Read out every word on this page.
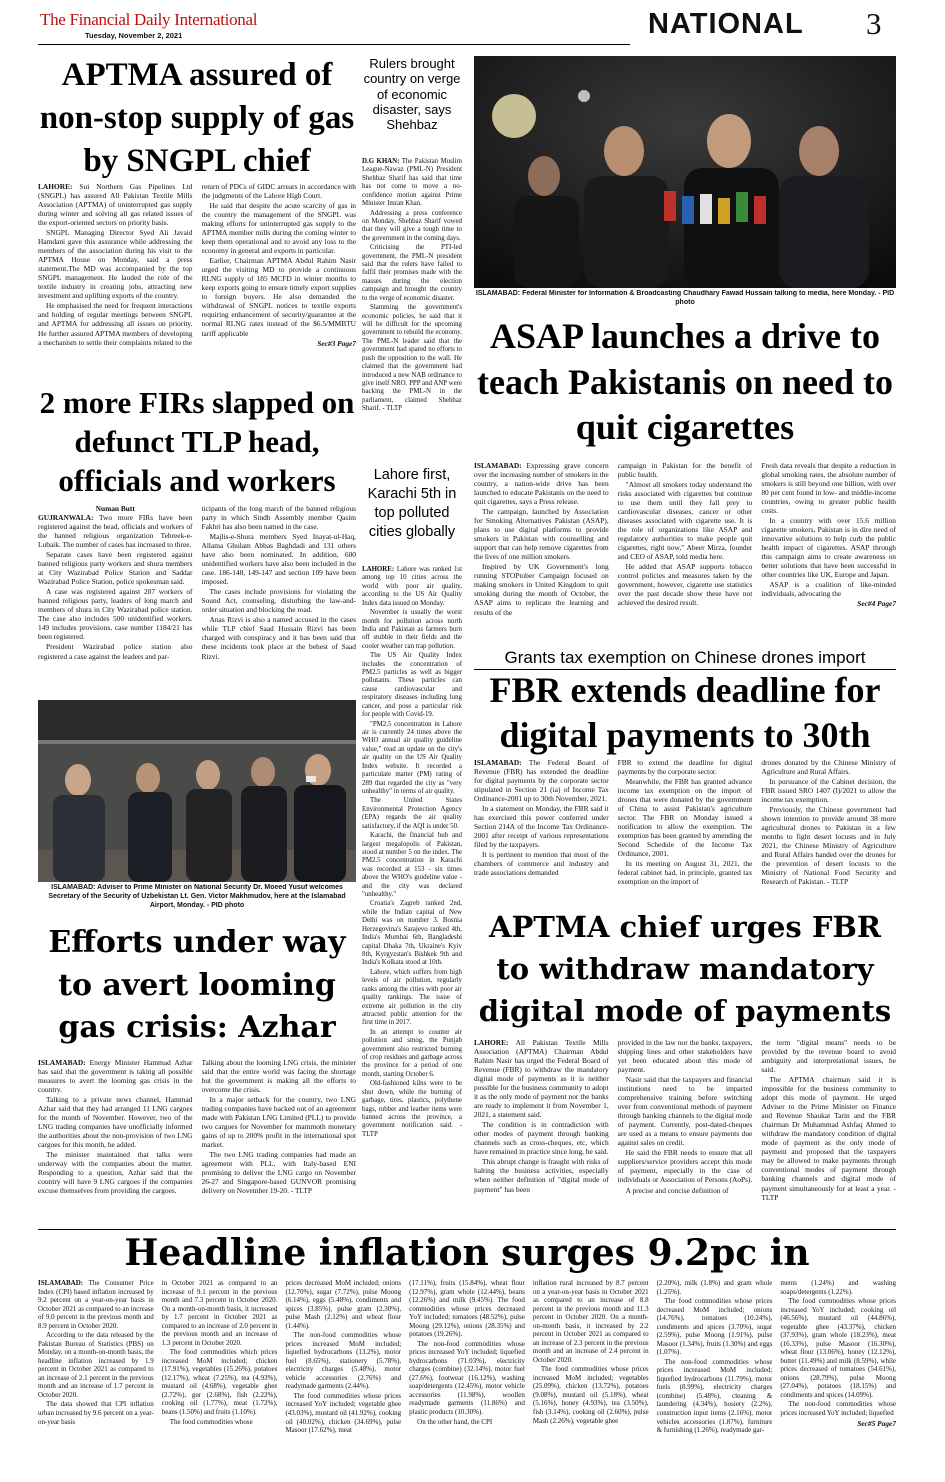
The Financial Daily International
Tuesday, November 2, 2021	NATIONAL 3
APTMA assured of non-stop supply of gas by SNGPL chief

LAHORE: Sui Northern Gas Pipelines Ltd (SNGPL) has assured All Pakistan Textile Mills Association (APTMA) of uninterrupted gas supply during winter and solving all gas related issues of the export-oriented sectors on priority basis.

SNGPL Managing Director Syed Ali Javaid Hamdani gave this assurance while addressing the members of the association during his visit to the APTMA House on Monday, said a press statement.The MD was accompanied by the top SNGPL management. He lauded the role of the textile industry in creating jobs, attracting new investment and uplifting exports of the country.

He emphasised the need for frequent interactions and holding of regular meetings between SNGPL and APTMA for addressing all issues on priority. He further assured APTMA members of developing a mechanism to settle their complaints related to the

return of PDCs of GIDC arrears in accordance with the judgments of the Lahore High Court.

He said that despite the acute scarcity of gas in the country the management of the SNGPL was making efforts for uninterrupted gas supply to the APTMA member mills during the coming winter to keep them operational and to avoid any loss to the economy in general and exports in particular.

Earlier, Chairman APTMA Abdul Rahim Nasir urged the visiting MD to provide a continuous RLNG supply of 185 MCFD in winter months to keep exports going to ensure timely export supplies to foreign buyers. He also demanded the withdrawal of SNGPL notices to textile exports requiring enhancement of security/guarantee at the normal RLNG rates instead of the $6.5/MMBTU tariff applicable

Sec#3 Page7
Rulers brought country on verge of economic disaster, says Shehbaz

D.G KHAN: The Pakistan Muslim League-Nawaz (PML-N) President Shehbaz Sharif has said that time has not come to move a no-confidence motion against Prime Minister Imran Khan.

Addressing a press conference on Monday, Shehbaz Sharif vowed that they will give a tough time to the government in the coming days.

Criticising the PTI-led government, the PML-N president said that the rulers have failed to fulfil their promises made with the masses during the election campaign and brought the country to the verge of economic disaster.

Slamming the government's economic policies, he said that it will be difficult for the upcoming government to rebuild the economy. The PML-N leader said that the government had spared no efforts to push the opposition to the wall. He claimed that the government had introduced a new NAB ordinance to give itself NRO. PPP and ANP were backing the PML-N in the parliament, claimed Shehbaz Sharif. - TLTP

ISLAMABAD: Federal Minister for Information & Broadcasting Chaudhary Fawad Hussain talking to media, here Monday. - PID photo
2 more FIRs slapped on defunct TLP head, officials and workers
Numan Butt

GUJRANWALA: Two more FIRs have been registered against the head, officials and workers of the banned religious organization Tehreek-e-Lubaik. The number of cases has increased to three.

Separate cases have been registered against banned religious party workers and shura members at City Wazirabad Police Station and Saddar Wazirabad Police Station, police spokesman said.

A case was registered against 207 workers of banned religious party, leaders of long march and members of shura in City Wazirabad police station. The case also includes 500 unidentified workers. 149 includes provisions, case number 1184/21 has been registered.

President Wazirabad police station also registered a case against the leaders and par-

ticipants of the long march of the banned religious party in which Sindh Assembly member Qasim Fakhri has also been named in the case.

Majlis-e-Shura members Syed Inayat-ul-Haq, Allama Ghulam Abbas Baghdadi and 131 others have also been nominated. In addition, 600 unidentified workers have also been included in the case. 186-148, 149-147 and section 109 have been imposed.

The cases include provisions for violating the Sound Act, counseling, disturbing the law-and-order situation and blocking the road.

Anas Rizvi is also a named accused in the cases while TLP chief Saad Hussain Rizvi has been charged with conspiracy and it has been said that these incidents took place at the behest of Saad Rizvi.

Lahore first, Karachi 5th in top polluted cities globally

LAHORE: Lahore was ranked 1st among top 10 cities across the world with poor air quality, according to the US Air Quality Index data issued on Monday.

November is usually the worst month for pollution across north India and Pakistan as farmers burn off stubble in their fields and the cooler weather can trap pollution.

The US Air Quality Index includes the concentration of PM2.5 particles as well as bigger pollutants. These particles can cause cardiovascular and respiratory diseases including lung cancer, and pose a particular risk for people with Covid-19.

"PM2.5 concentration in Lahore air is currently 24 times above the WHO annual air quality guideline value," read an update on the city's air quality on the US Air Quality Index website. It recorded a particulate matter (PM) rating of 289 that regarded the city as "very unhealthy" in terms of air quality.

The United States Environmental Protection Agency (EPA) regards the air quality satisfactory, if the AQI is under 50.

Karachi, the financial hub and largest megalopolis of Pakistan, stood at number 5 on the index. The PM2.5 concentration in Karachi was recorded at 153 - six times above the WHO's guideline value - and the city was declared "unhealthy."

Croatia's Zagreb ranked 2nd, while the Indian capital of New Delhi was on number 3. Bosnia Herzegovina's Sarajevo ranked 4th, India's Mumbai 6th, Bangladeshi capital Dhaka 7th, Ukraine's Kyiv 8th, Kyrgyzstan's Bishkek 9th and India's Kolkata stood at 10th.

Lahore, which suffers from high levels of air pollution, regularly ranks among the cities with poor air quality rankings. The issue of extreme air pollution in the city attracted public attention for the first time in 2017.

In an attempt to counter air pollution and smog, the Punjab government also restricted burning of crop residues and garbage across the province for a period of one month, starting October 6.

Old-fashioned kilns were to be shut down, while the burning of garbage, tires, plastics, polythene bags, rubber and leather items were banned across the province, a government notification said. - TLTP

ASAP launches a drive to teach Pakistanis on need to quit cigarettes

ISLAMABAD: Expressing grave concern over the increasing number of smokers in the country, a nation-wide drive has been launched to educate Pakistanis on the need to quit cigarettes, says a Press release.

The campaign, launched by Association for Smoking Alternatives Pakistan (ASAP), plans to use digital platforms to provide smokers in Pakistan with counselling and support that can help remove cigarettes from the lives of one million smokers.

Inspired by UK Government's long running STOPtober Campaign focused on making smokers in United Kingdom to quit smoking during the month of October, the ASAP aims to replicate the learning and results of the

campaign in Pakistan for the benefit of public health.

"Almost all smokers today understand the risks associated with cigarettes but continue to use them until they fall prey to cardiovascular diseases, cancer or other diseases associated with cigarette use. It is the role of organizations like ASAP and regulatory authorities to make people quit cigarettes, right now," Abeer Mirza, founder and CEO of ASAP, told media here.

He added that ASAP supports tobacco control policies and measures taken by the government, however, cigarette use statistics over the past decade show these have not achieved the desired result.

Fresh data reveals that despite a reduction in global smoking rates, the absolute number of smokers is still beyond one billion, with over 80 per cent found in low- and middle-income countries, owing to greater public health costs.

In a country with over 15.6 million cigarette smokers, Pakistan is in dire need of innovative solutions to help curb the public health impact of cigarettes. ASAP through this campaign aims to create awareness on better solutions that have been successful in other countries like UK, Europe and Japan.

ASAP is a coalition of like-minded individuals, advocating the

Sec#4 Page7
ISLAMABAD: Adviser to Prime Minister on National Security Dr. Moeed Yusuf welcomes Secretary of the Security of Uzbekistan Lt. Gen. Victor Makhmudov, here at the Islamabad Airport, Monday. - PID photo
Grants tax exemption on Chinese drones import
FBR extends deadline for digital payments to 30th

ISLAMABAD: The Federal Board of Revenue (FBR) has extended the deadline for digital payments by the corporate sector stipulated in Section 21 (ia) of Income Tax Ordinance-2001 up to 30th November, 2021.

In a statement on Monday, the FBR said it has exercised this power conferred under Section 214A of the Income Tax Ordinance-2001 after receipt of various representations filed by the taxpayers.

It is pertinent to mention that most of the chambers of commerce and industry and trade associations demanded

FBR to extend the deadline for digital payments by the corporate sector.

Meanwhile, the FBR has granted advance income tax exemption on the import of drones that were donated by the government of China to assist Pakistan's agriculture sector. The FBR on Monday issued a notification to allow the exemption. The exemption has been granted by amending the Second Schedule of the Income Tax Ordinance, 2001.

In its meeting on August 31, 2021, the federal cabinet had, in principle, granted tax exemption on the import of

drones donated by the Chinese Ministry of Agriculture and Rural Affairs.

In pursuance of the Cabinet decision, the FBR issued SRO 1407 (I)/2021 to allow the income tax exemption.

Previously, the Chinese government had shown intention to provide around 38 more agricultural drones to Pakistan in a few months to fight desert locusts and in July 2021, the Chinese Ministry of Agriculture and Rural Affairs handed over the drones for the prevention of desert locusts to the Ministry of National Food Security and Research of Pakistan. - TLTP

Efforts under way to avert looming gas crisis: Azhar

ISLAMABAD: Energy Minister Hammad Azhar has said that the government is taking all possible measures to avert the looming gas crisis in the country.

Talking to a private news channel, Hammad Azhar said that they had arranged 11 LNG cargoes for the month of November. However, two of the LNG trading companies have unofficially informed the authorities about the non-provision of two LNG cargoes for this month, he added.

The minister maintained that talks were underway with the companies about the matter. Responding to a question, Azhar said that the country will have 9 LNG cargoes if the companies excuse themselves from providing the cargoes.

Talking about the looming LNG crisis, the minister said that the entire world was facing the shortage but the government is making all the efforts to overcome the crisis.

In a major setback for the country, two LNG trading companies have backed out of an agreement made with Pakistan LNG Limited (PLL) to provide two cargoes for November for mammoth monetary gains of up to 200% profit in the international spot market.

The two LNG trading companies had made an agreement with PLL, with Italy-based ENI promising to deliver the LNG cargo on November 26-27 and Singapore-based GUNVOR promising delivery on November 19-20. - TLTP

APTMA chief urges FBR to withdraw mandatory digital mode of payments

LAHORE: All Pakistan Textile Mills Association (APTMA) Chairman Abdul Rahim Nasir has urged the Federal Board of Revenue (FBR) to withdraw the mandatory digital mode of payments as it is neither possible for the business community to adopt it as the only mode of payment nor the banks are ready to implement it from November 1, 2021, a statement said.

The condition is in contradiction with other modes of payment through banking channels such as cross-cheques, etc, which have remained in practice since long, he said.

This abrupt change is fraught with risks of halting the business activities, especially when neither definition of "digital mode of payment" has been

provided in the law nor the banks, taxpayers, shipping lines and other stakeholders have yet been educated about this mode of payment.

Nasir said that the taxpayers and financial institutions need to be imparted comprehensive training before switching over from conventional methods of payment through banking channels to the digital mode of payment. Currently, post-dated-cheques are used as a means to ensure payments due against sales on credit.

He said the FBR needs to ensure that all suppliers/service providers accept this mode of payment, especially in the case of individuals or Association of Persons (AoPs).

A precise and concise definition of

the term "digital means" needs to be provided by the revenue board to avoid ambiguity and interpretational issues, he said.

The APTMA chairman said it is impossible for the business community to adopt this mode of payment. He urged Adviser to the Prime Minister on Finance and Revenue Shaukat Tarin and the FBR chairman Dr Muhammad Ashfaq Ahmed to withdraw the mandatory condition of digital mode of payment as the only mode of payment and proposed that the taxpayers may be allowed to make payments through conventional modes of payment through banking channels and digital mode of payment simultaneously for at least a year. - TLTP

Headline inflation surges 9.2pc in

ISLAMABAD: The Consumer Price Index (CPI) based inflation increased by 9.2 percent on a year-on-year basis in October 2021 as compared to an increase of 9.0 percent in the previous month and 8.9 percent in October 2020.

According to the data released by the Pakistan Bureau of Statistics (PBS) on Monday, on a month-on-month basis, the headline inflation increased by 1.9 percent in October 2021 as compared to an increase of 2.1 percent in the previous month and an increase of 1.7 percent in October 2020.

The data showed that CPI inflation urban increased by 9.6 percent on a year-on-year basis

in October 2021 as compared to an increase of 9.1 percent in the previous month and 7.3 percent in October 2020. On a month-on-month basis, it increased by 1.7 percent in October 2021 as compared to an increase of 2.0 percent in the previous month and an increase of 1.3 percent in October 2020.

The food commodities which prices increased MoM included; chicken (17.91%), vegetables (15.26%), potatoes (12.17%), wheat (7.25%), tea (4.93%), mustard oil (4.68%), vegetable ghee (2.72%), gur (2.68%), fish (2.22%), cooking oil (1.77%), meat (1.72%), beans (1.50%) and fruits (1.10%).

The food commodities whose

prices decreased MoM included; onions (12.70%), sugar (7.72%), pulse Moong (6.14%), eggs (5.48%), condiments and spices (3.85%), pulse gram (2.30%), pulse Mash (2.12%) and wheat flour (1.44%).

The non-food commodities whose prices increased MoM included; liquefied hydrocarbons (13.2%), motor fuel (8.65%), stationery (5.78%), electricity charges (5.48%), motor vehicle accessories (2.76%) and readymade garments (2.44%).

The food commodities whose prices increased YoY included; vegetable ghee (43.03%), mustard oil (41.92%), cooking oil (40.02%), chicken (34.69%), pulse Masoor (17.62%), meat

(17.11%), fruits (15.84%), wheat flour (12.97%), gram whole (12.44%), beans (12.26%) and milk (9.45%). The food commodities whose prices decreased YoY included; tomatoes (48.52%), pulse Moong (29.12%), onions (28.35%) and potatoes (19.26%).

The non-food commodities whose prices increased YoY included; liquefied hydrocarbons (71.03%), electricity charges (combine) (32.14%), motor fuel (27.6%), footwear (16.12%), washing soap/detergents (12.45%), motor vehicle accessories (11.98%), woollen readymade garments (11.86%) and plastic products (10.30%).

On the other hand, the CPI

inflation rural increased by 8.7 percent on a year-on-year basis in October 2021 as compared to an increase of 8.8 percent in the previous month and 11.3 percent in October 2020. On a month-on-month basis, it increased by 2.2 percent in October 2021 as compared to an increase of 2.3 percent in the previous month and an increase of 2.4 percent in October 2020.

The food commodities whose prices increased MoM included; vegetables (25.09%), chicken (13.72%), potatoes (9.08%), mustard oil (5.18%), wheat (5.16%), honey (4.93%), tea (3.50%), fish (3.14%), cooking oil (2.60%), pulse Mash (2.26%), vegetable ghee

(2.20%), milk (1.8%) and gram whole (1.25%).

The food commodities whose prices decreased MoM included; onions (14.76%), tomatoes (10.24%), condiments and spices (3.70%), sugar (2.59%), pulse Moong (1.91%), pulse Masoor (1.34%), fruits (1.30%) and eggs (1.07%).

The non-food commodities whose prices increased MoM included; liquefied hydrocarbons (11.79%), motor fuels (8.99%), electricity charges (combine) (5.48%), cleaning & laundering (4.34%), hosiery (2.2%), construction input items (2.16%), motor vehicles accessories (1.87%), furniture & furnishing (1.26%), readymade gar-

ments (1.24%) and washing soaps/detergents (1.22%).

The food commodities whose prices increased YoY included; cooking oil (46.56%), mustard oil (44.86%), vegetable ghee (43.37%), chicken (37.93%), gram whole (18.23%), meat (16.33%), pulse Masoor (16.30%), wheat flour (13.06%), honey (12.12%), butter (11.49%) and milk (8.59%), while prices decreased of tomatoes (54.61%), onions (28.79%), pulse Moong (27.04%), potatoes (18.15%) and condiments and spices (14.09%).

The non-food commodities whose prices increased YoY included; liquefied

Sec#5 Page7
